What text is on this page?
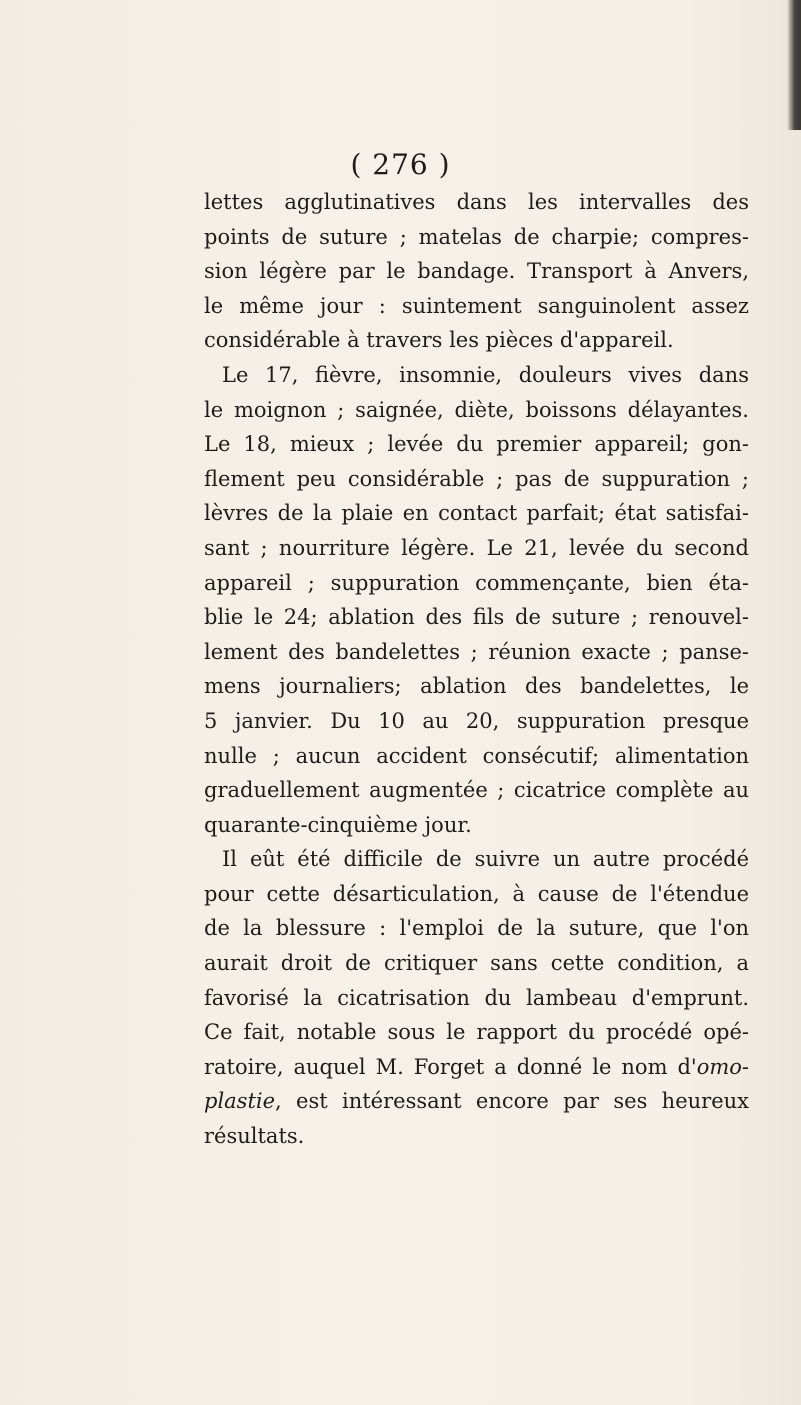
( 276 )
lettes agglutinatives dans les intervalles des
points de suture ; matelas de charpie; compres-
sion légère par le bandage. Transport à Anvers,
le même jour : suintement sanguinolent assez
considérable à travers les pièces d'appareil.
Le 17, fièvre, insomnie, douleurs vives dans
le moignon ; saignée, diète, boissons délayantes.
Le 18, mieux ; levée du premier appareil; gon-
flement peu considérable ; pas de suppuration ;
lèvres de la plaie en contact parfait; état satisfai-
sant ; nourriture légère. Le 21, levée du second
appareil ; suppuration commençante, bien éta-
blie le 24; ablation des fils de suture ; renouvel-
lement des bandelettes ; réunion exacte ; panse-
mens journaliers; ablation des bandelettes, le
5 janvier. Du 10 au 20, suppuration presque
nulle ; aucun accident consécutif; alimentation
graduellement augmentée ; cicatrice complète au
quarante-cinquième jour.
Il eût été difficile de suivre un autre procédé
pour cette désarticulation, à cause de l'étendue
de la blessure : l'emploi de la suture, que l'on
aurait droit de critiquer sans cette condition, a
favorisé la cicatrisation du lambeau d'emprunt.
Ce fait, notable sous le rapport du procédé opé-
ratoire, auquel M. Forget a donné le nom d'omo-
plastie, est intéressant encore par ses heureux
résultats.
